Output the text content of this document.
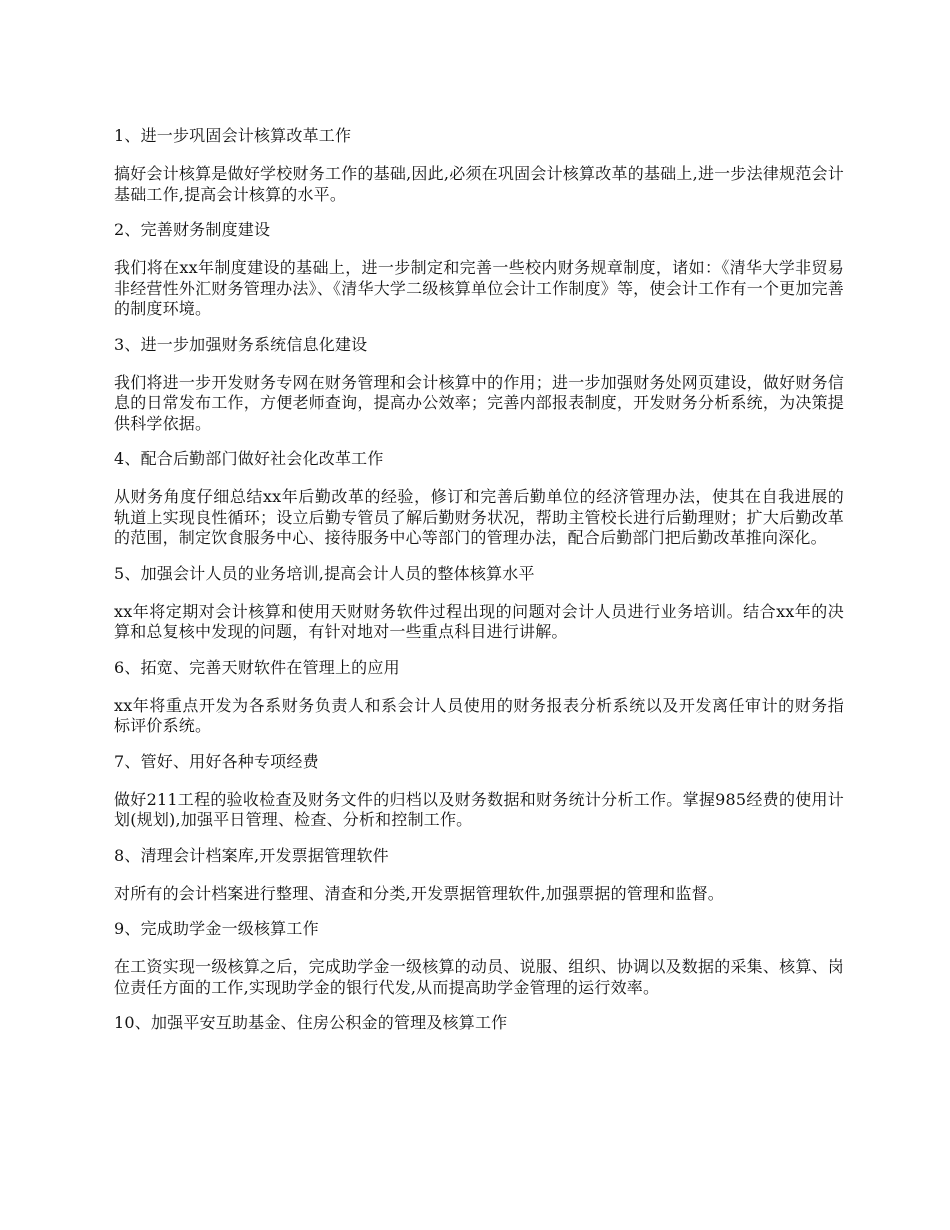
1、进一步巩固会计核算改革工作

搞好会计核算是做好学校财务工作的基础,因此,必须在巩固会计核算改革的基础上,进一步法律规范会计基础工作,提高会计核算的水平。

2、完善财务制度建设

我们将在xx年制度建设的基础上，进一步制定和完善一些校内财务规章制度，诸如：《清华大学非贸易非经营性外汇财务管理办法》、《清华大学二级核算单位会计工作制度》等，使会计工作有一个更加完善的制度环境。

3、进一步加强财务系统信息化建设

我们将进一步开发财务专网在财务管理和会计核算中的作用；进一步加强财务处网页建设，做好财务信息的日常发布工作，方便老师查询，提高办公效率；完善内部报表制度，开发财务分析系统，为决策提供科学依据。

4、配合后勤部门做好社会化改革工作

从财务角度仔细总结xx年后勤改革的经验，修订和完善后勤单位的经济管理办法，使其在自我进展的轨道上实现良性循环；设立后勤专管员了解后勤财务状况，帮助主管校长进行后勤理财；扩大后勤改革的范围，制定饮食服务中心、接待服务中心等部门的管理办法，配合后勤部门把后勤改革推向深化。

5、加强会计人员的业务培训,提高会计人员的整体核算水平

xx年将定期对会计核算和使用天财财务软件过程出现的问题对会计人员进行业务培训。结合xx年的决算和总复核中发现的问题，有针对地对一些重点科目进行讲解。

6、拓宽、完善天财软件在管理上的应用

xx年将重点开发为各系财务负责人和系会计人员使用的财务报表分析系统以及开发离任审计的财务指标评价系统。

7、管好、用好各种专项经费

做好211工程的验收检查及财务文件的归档以及财务数据和财务统计分析工作。掌握985经费的使用计划(规划),加强平日管理、检查、分析和控制工作。

8、清理会计档案库,开发票据管理软件

对所有的会计档案进行整理、清查和分类,开发票据管理软件,加强票据的管理和监督。

9、完成助学金一级核算工作

在工资实现一级核算之后，完成助学金一级核算的动员、说服、组织、协调以及数据的采集、核算、岗位责任方面的工作,实现助学金的银行代发,从而提高助学金管理的运行效率。

10、加强平安互助基金、住房公积金的管理及核算工作
